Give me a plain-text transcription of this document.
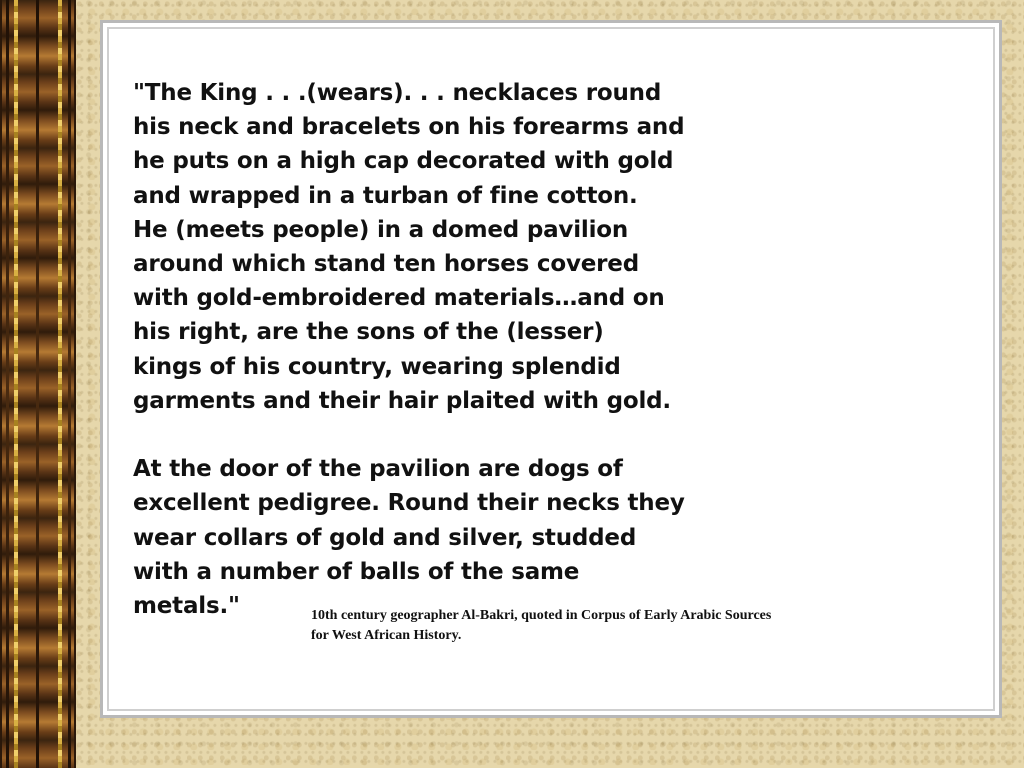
"The King . . .(wears). . . necklaces round
his neck and bracelets on his forearms and
he puts on a high cap decorated with gold
and wrapped in a turban of fine cotton.
He (meets people) in a domed pavilion
around which stand ten horses covered
with gold-embroidered materials…and on
his right, are the sons of the (lesser)
kings of his country, wearing splendid
garments and their hair plaited with gold.
At the door of the pavilion are dogs of
excellent pedigree. Round their necks they
wear collars of gold and silver, studded
with a number of balls of the same
metals."	10th century geographer Al-Bakri, quoted in Corpus of Early Arabic Sources
for West African History.
